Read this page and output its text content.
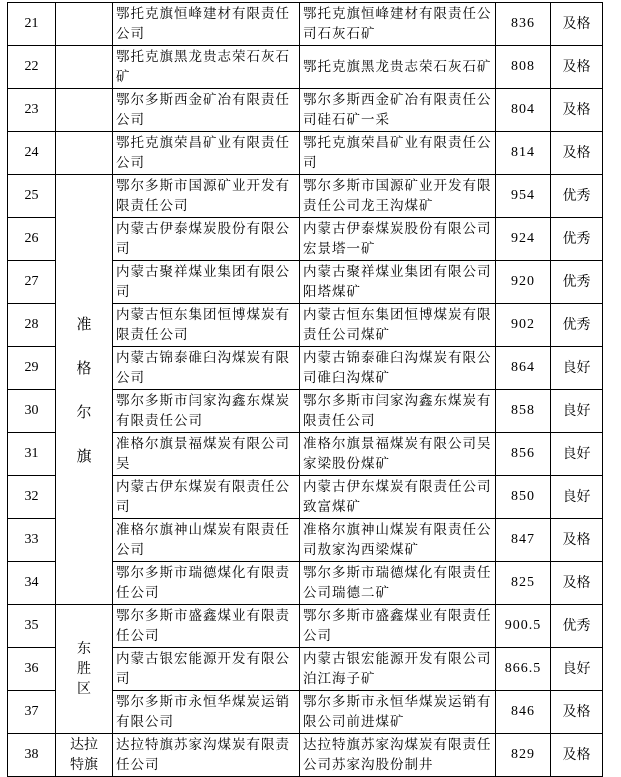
21		鄂托克旗恒峰建材有限责任公司	鄂托克旗恒峰建材有限责任公司石灰石矿	836	及格
22		鄂托克旗黑龙贵志荣石灰石矿	鄂托克旗黑龙贵志荣石灰石矿	808	及格
23		鄂尔多斯西金矿冶有限责任公司	鄂尔多斯西金矿冶有限责任公司硅石矿一采	804	及格
24		鄂托克旗荣昌矿业有限责任公司	鄂托克旗荣昌矿业有限责任公司	814	及格
25	准格尔旗	鄂尔多斯市国源矿业开发有限责任公司	鄂尔多斯市国源矿业开发有限责任公司龙王沟煤矿	954	优秀
26		内蒙古伊泰煤炭股份有限公司	内蒙古伊泰煤炭股份有限公司宏景塔一矿	924	优秀
27		内蒙古聚祥煤业集团有限公司	内蒙古聚祥煤业集团有限公司阳塔煤矿	920	优秀
28		内蒙古恒东集团恒博煤炭有限责任公司	内蒙古恒东集团恒博煤炭有限责任公司煤矿	902	优秀
29		内蒙古锦泰碓臼沟煤炭有限公司	内蒙古锦泰碓臼沟煤炭有限公司碓臼沟煤矿	864	良好
30		鄂尔多斯市闫家沟鑫东煤炭有限责任公司	鄂尔多斯市闫家沟鑫东煤炭有限责任公司	858	良好
31		准格尔旗景福煤炭有限公司吴	准格尔旗景福煤炭有限公司吴家梁股份煤矿	856	良好
32		内蒙古伊东煤炭有限责任公司	内蒙古伊东煤炭有限责任公司致富煤矿	850	良好
33		准格尔旗神山煤炭有限责任公司	准格尔旗神山煤炭有限责任公司敖家沟西梁煤矿	847	及格
34		鄂尔多斯市瑞德煤化有限责任公司	鄂尔多斯市瑞德煤化有限责任公司瑞德二矿	825	及格
35	东胜区	鄂尔多斯市盛鑫煤业有限责任公司	鄂尔多斯市盛鑫煤业有限责任公司	900.5	优秀
36		内蒙古银宏能源开发有限公司	内蒙古银宏能源开发有限公司泊江海子矿	866.5	良好
37		鄂尔多斯市永恒华煤炭运销有限公司	鄂尔多斯市永恒华煤炭运销有限公司前进煤矿	846	及格
38	达拉特旗	达拉特旗苏家沟煤炭有限责任公司	达拉特旗苏家沟煤炭有限责任公司苏家沟股份制井	829	及格
